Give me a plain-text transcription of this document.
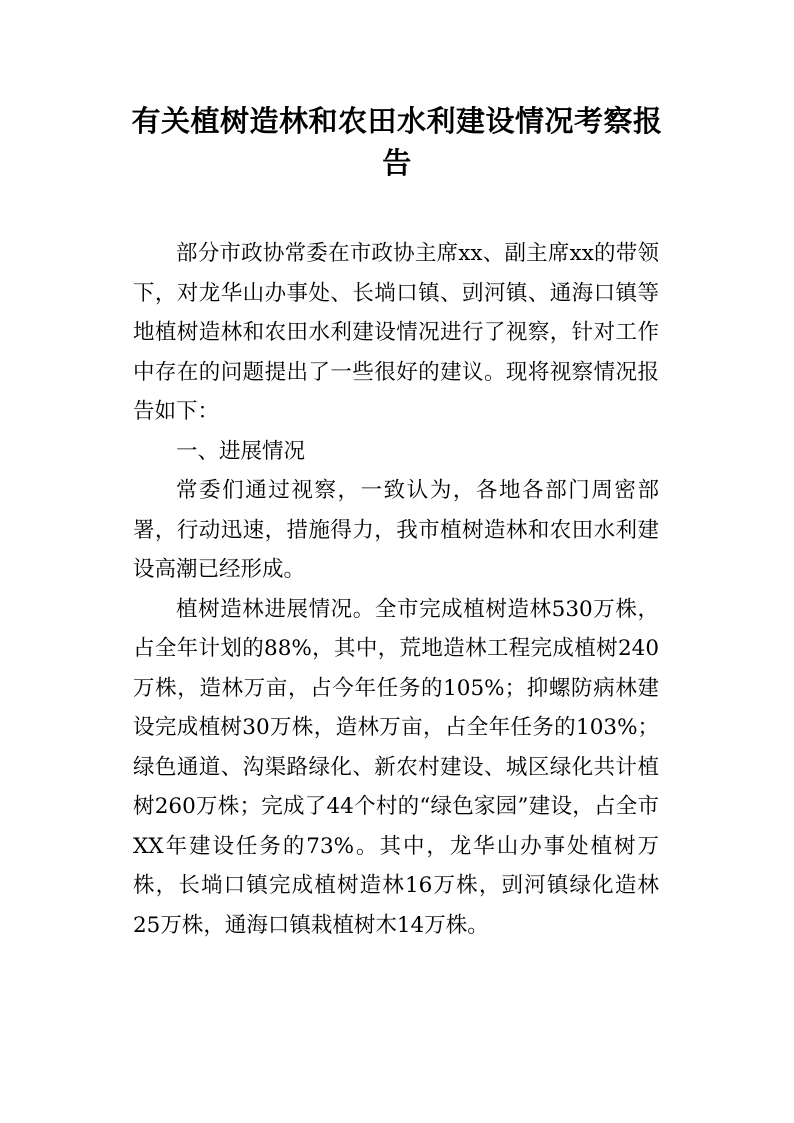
有关植树造林和农田水利建设情况考察报告

部分市政协常委在市政协主席xx、副主席xx的带领下，对龙华山办事处、长埫口镇、剅河镇、通海口镇等地植树造林和农田水利建设情况进行了视察，针对工作中存在的问题提出了一些很好的建议。现将视察情况报告如下：

一、进展情况

常委们通过视察，一致认为，各地各部门周密部署，行动迅速，措施得力，我市植树造林和农田水利建设高潮已经形成。

植树造林进展情况。全市完成植树造林530万株，占全年计划的88%，其中，荒地造林工程完成植树240万株，造林万亩，占今年任务的105%；抑螺防病林建设完成植树30万株，造林万亩，占全年任务的103%；绿色通道、沟渠路绿化、新农村建设、城区绿化共计植树260万株；完成了44个村的“绿色家园”建设，占全市XX年建设任务的73%。其中，龙华山办事处植树万株，长埫口镇完成植树造林16万株，剅河镇绿化造林25万株，通海口镇栽植树木14万株。
